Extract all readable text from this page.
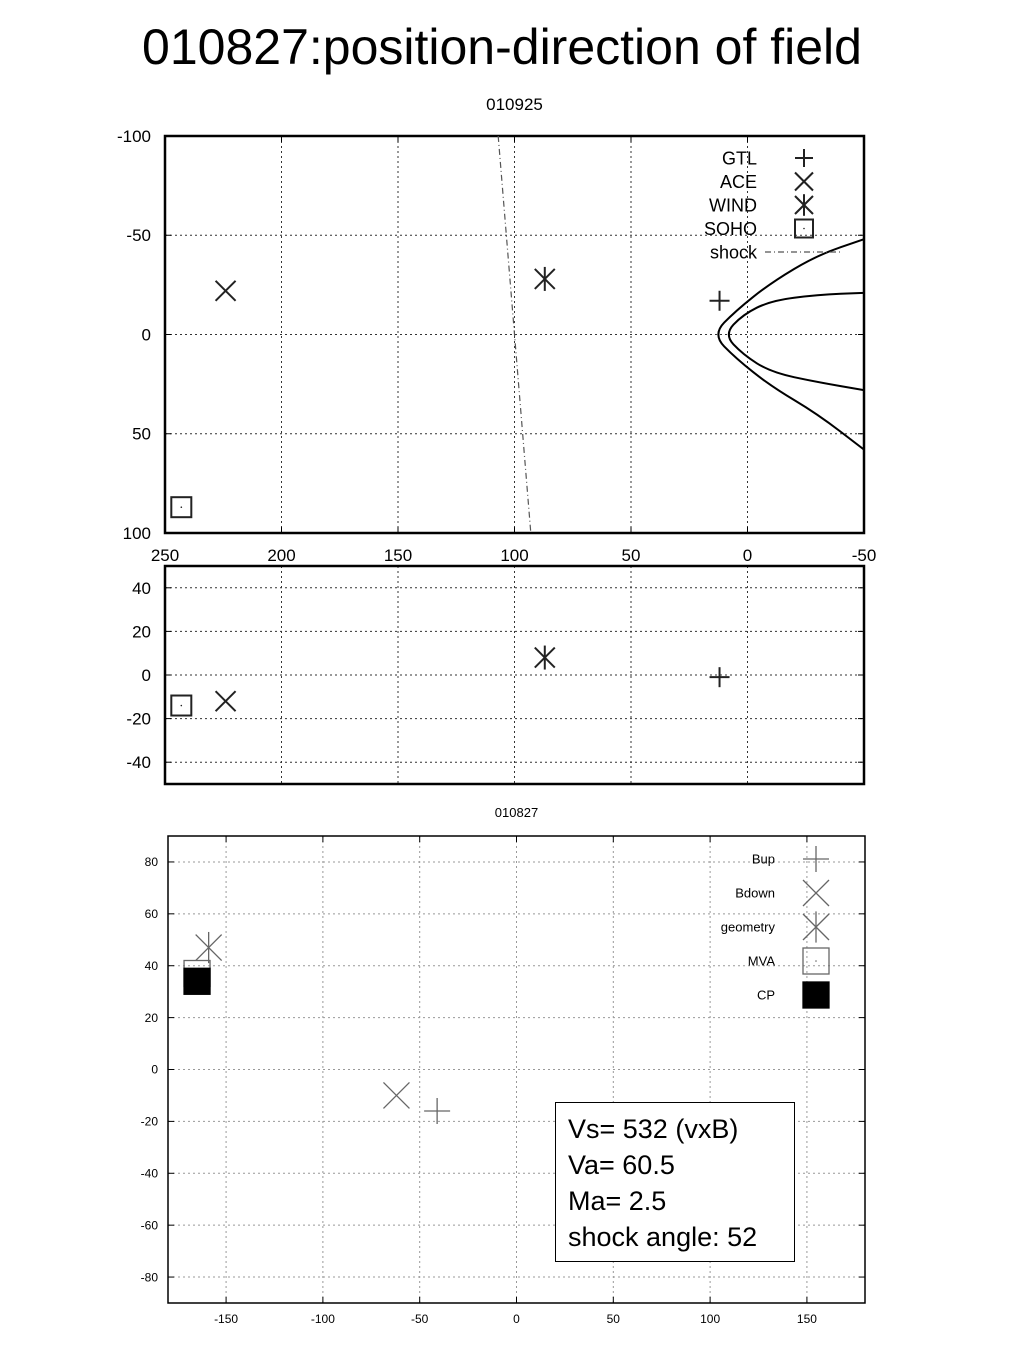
010827:position-direction of field
-100
-50
0
50
100
250	200	150	100	50	0	-50
010925
GTL
ACE
WIND
SOHO
shock
-40
-20
0
20
40
-80
-60
-40
-20
0
20
40
60
80
-150	-100	-50	0	50	100	150
010827
Bup
Bdown
geometry
MVA
CP
Vs= 532 (vxB)
Va= 60.5
Ma= 2.5
shock angle: 52
